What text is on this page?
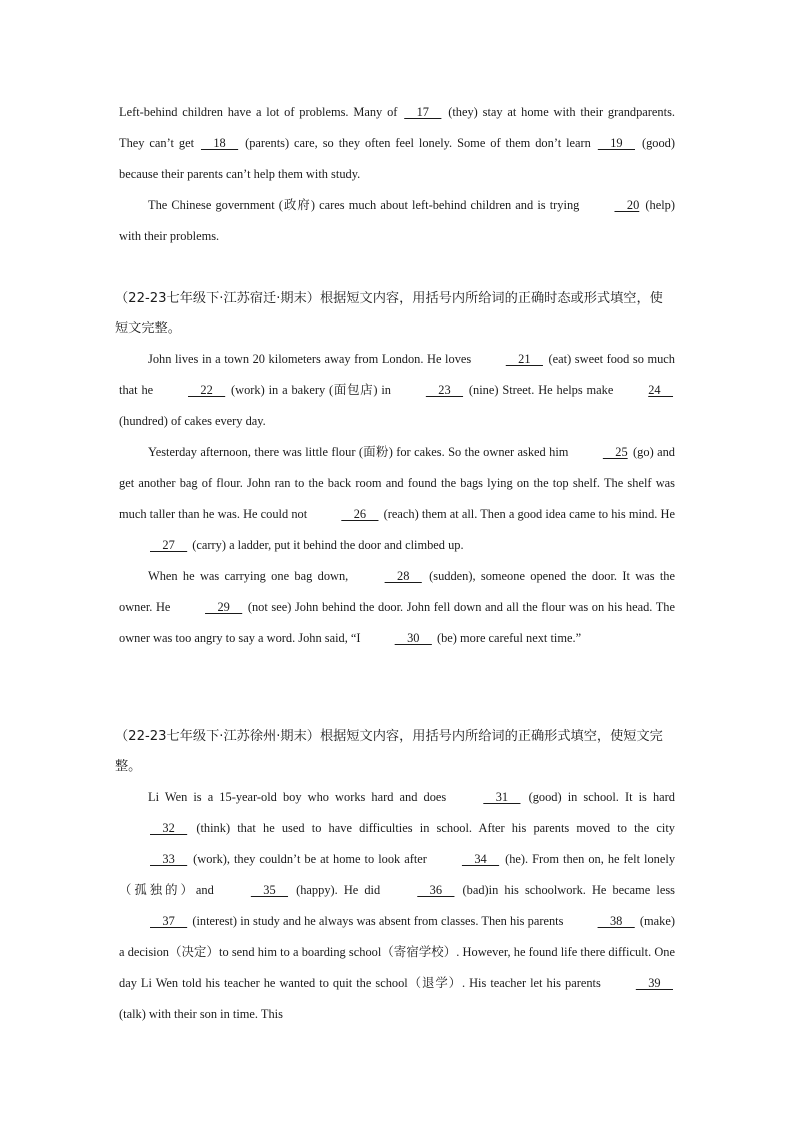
Left-behind children have a lot of problems. Many of     17     (they) stay at home with their grandparents. They can’t get     18     (parents) care, so they often feel lonely. Some of them don’t learn     19     (good) because their parents can’t help them with study.

The Chinese government (政府) cares much about left-behind children and is trying	20 (help) with their problems.

（22-23七年级下·江苏宿迁·期末）根据短文内容，用括号内所给词的正确时态或形式填空，使短文完整。

John lives in a town 20 kilometers away from London. He loves	21     (eat) sweet food so much that he	22     (work) in a bakery (面包店) in	23     (nine) Street. He helps make	24     (hundred) of cakes every day.

Yesterday afternoon, there was little flour (面粉) for cakes. So the owner asked him	25 (go) and get another bag of flour. John ran to the back room and found the bags lying on the top shelf. The shelf was much taller than he was. He could not	26     (reach) them at all. Then a good idea came to his mind. He     27     (carry) a ladder, put it behind the door and climbed up.

When he was carrying one bag down,	28     (sudden), someone opened the door. It was the owner. He	29     (not see) John behind the door. John fell down and all the flour was on his head. The owner was too angry to say a word. John said, “I	30     (be) more careful next time.”

（22-23七年级下·江苏徐州·期末）根据短文内容，用括号内所给词的正确形式填空，使短文完整。

Li Wen is a 15-year-old boy who works hard and does	31     (good) in school. It is hard     32     (think) that he used to have difficulties in school. After his parents moved to the city     33     (work), they couldn’t be at home to look after	34     (he). From then on, he felt lonely（孤独的）and	35     (happy). He did	36     (bad)in his schoolwork. He became less     37     (interest) in study and he always was absent from classes. Then his parents	38     (make) a decision（决定）to send him to a boarding school（寄宿学校）. However, he found life there difficult. One day Li Wen told his teacher he wanted to quit the school（退学）. His teacher let his parents	39     (talk) with their son in time. This
